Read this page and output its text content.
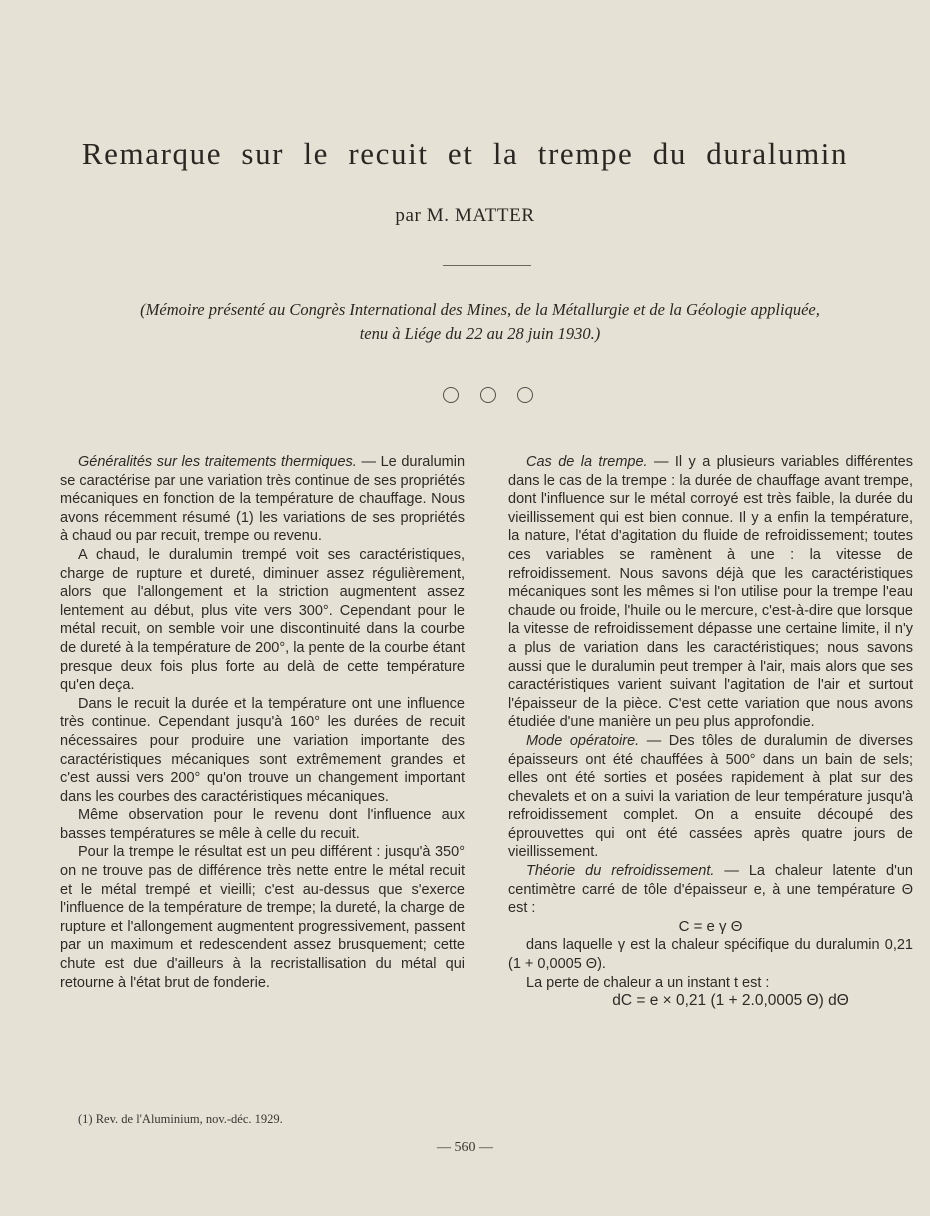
Remarque sur le recuit et la trempe du duralumin

par M. MATTER

(Mémoire présenté au Congrès International des Mines, de la Métallurgie et de la Géologie appliquée,
tenu à Liége du 22 au 28 juin 1930.)

Généralités sur les traitements thermiques. — Le duralumin se caractérise par une variation très continue de ses propriétés mécaniques en fonction de la température de chauffage. Nous avons récemment résumé (1) les variations de ses propriétés à chaud ou par recuit, trempe ou revenu.

A chaud, le duralumin trempé voit ses caractéristiques, charge de rupture et dureté, diminuer assez régulièrement, alors que l'allongement et la striction augmentent assez lentement au début, plus vite vers 300°. Cependant pour le métal recuit, on semble voir une discontinuité dans la courbe de dureté à la température de 200°, la pente de la courbe étant presque deux fois plus forte au delà de cette température qu'en deça.

Dans le recuit la durée et la température ont une influence très continue. Cependant jusqu'à 160° les durées de recuit nécessaires pour produire une variation importante des caractéristiques mécaniques sont extrêmement grandes et c'est aussi vers 200° qu'on trouve un changement important dans les courbes des caractéristiques mécaniques.

Même observation pour le revenu dont l'influence aux basses températures se mêle à celle du recuit.

Pour la trempe le résultat est un peu différent : jusqu'à 350° on ne trouve pas de différence très nette entre le métal recuit et le métal trempé et vieilli; c'est au-dessus que s'exerce l'influence de la température de trempe; la dureté, la charge de rupture et l'allongement augmentent progressivement, passent par un maximum et redescendent assez brusquement; cette chute est due d'ailleurs à la recristallisation du métal qui retourne à l'état brut de fonderie.

Cas de la trempe. — Il y a plusieurs variables différentes dans le cas de la trempe : la durée de chauffage avant trempe, dont l'influence sur le métal corroyé est très faible, la durée du vieillissement qui est bien connue. Il y a enfin la température, la nature, l'état d'agitation du fluide de refroidissement; toutes ces variables se ramènent à une : la vitesse de refroidissement. Nous savons déjà que les caractéristiques mécaniques sont les mêmes si l'on utilise pour la trempe l'eau chaude ou froide, l'huile ou le mercure, c'est-à-dire que lorsque la vitesse de refroidissement dépasse une certaine limite, il n'y a plus de variation dans les caractéristiques; nous savons aussi que le duralumin peut tremper à l'air, mais alors que ses caractéristiques varient suivant l'agitation de l'air et surtout l'épaisseur de la pièce. C'est cette variation que nous avons étudiée d'une manière un peu plus approfondie.

Mode opératoire. — Des tôles de duralumin de diverses épaisseurs ont été chauffées à 500° dans un bain de sels; elles ont été sorties et posées rapidement à plat sur des chevalets et on a suivi la variation de leur température jusqu'à refroidissement complet. On a ensuite découpé des éprouvettes qui ont été cassées après quatre jours de vieillissement.

Théorie du refroidissement. — La chaleur latente d'un centimètre carré de tôle d'épaisseur e, à une température Θ est :

C = e γ Θ

dans laquelle γ est la chaleur spécifique du duralumin 0,21 (1 + 0,0005 Θ).

La perte de chaleur a un instant t est :

dC = e × 0,21 (1 + 2.0,0005 Θ) dΘ

(1) Rev. de l'Aluminium, nov.-déc. 1929.

— 560 —
